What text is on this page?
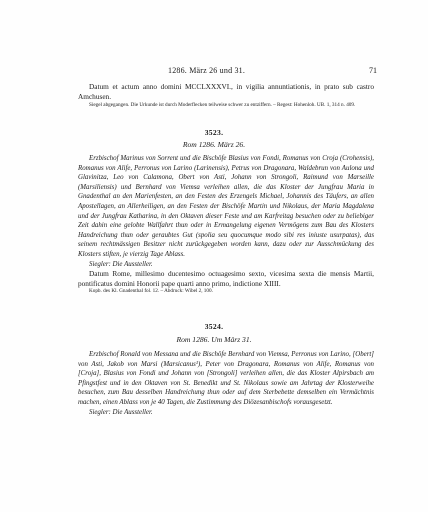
1286. März 26 und 31.	71

Datum et actum anno domini MCCLXXXVI., in vigilia annuntiationis, in prato sub castro Amchusen.

Siegel abgegangen. Die Urkunde ist durch Moderflecken teilweise schwer zu entziffern. – Regest: Hohenloh. UB. 1, 314 n. 409.

3523.
Rom 1286. März 26.

Erzbischof Marinus von Sorrent und die Bischöfe Blasius von Fondi, Romanus von Croja (Crohensis), Romanus von Alife, Perronus von Larino (Larinensis), Petrus von Dragonara, Waldebrun von Aulona und Glavinitza, Leo von Calamona, Obert von Asti, Johann von Strongoli, Raimund von Marseille (Marsiliensis) und Bernhard von Viemsa verleihen allen, die das Kloster der Jungfrau Maria in Gnadenthal an den Marienfesten, an den Festen des Erzengels Michael, Johannis des Täufers, an allen Apostellagen, an Allerheiligen, an den Festen der Bischöfe Martin und Nikolaus, der Maria Magdalena und der Jungfrau Katharina, in den Oktaven dieser Feste und am Karfreitag besuchen oder zu beliebiger Zeit dahin eine gelobte Wallfahrt thun oder in Ermangelung eigenen Vermögens zum Bau des Klosters Handreichung thun oder geraubtes Gut (spolia seu quocumque modo sibi res iniuste usurpatas), das seinem rechtmässigen Besitzer nicht zurückgegeben worden kann, dazu oder zur Ausschmückung des Klosters stiften, je vierzig Tage Ablass.

Siegler: Die Aussteller.

Datum Rome, millesimo ducentesimo octuagesimo sexto, vicesima sexta die mensis Martii, pontificatus domini Honorii pape quarti anno primo, indictione XIIII.

Kopb. des Kl. Gnadenthal fol. 12. – Abdruck: Wibel 2, 100.

3524.
Rom 1286. Um März 31.

Erzbischof Ronald von Messana und die Bischöfe Bernhard von Viemsa, Perronus von Larino, [Obert] von Asti, Jakob von Marsi (Marsicanus¹), Peter von Dragonara, Romanus von Alife, Romanus von [Croja], Blasius von Fondi und Johann von [Strongoli] verleihen allen, die das Kloster Alpirsbach am Pfingstfest und in den Oktaven von St. Benedikt und St. Nikolaus sowie am Jahrtag der Klosterweihe besuchen, zum Bau desselben Handreichung thun oder auf dem Sterbebette demselben ein Vermächtnis machen, einen Ablass von je 40 Tagen, die Zustimmung des Diözesanbischofs vorausgesetzt.

Siegler: Die Aussteller.
